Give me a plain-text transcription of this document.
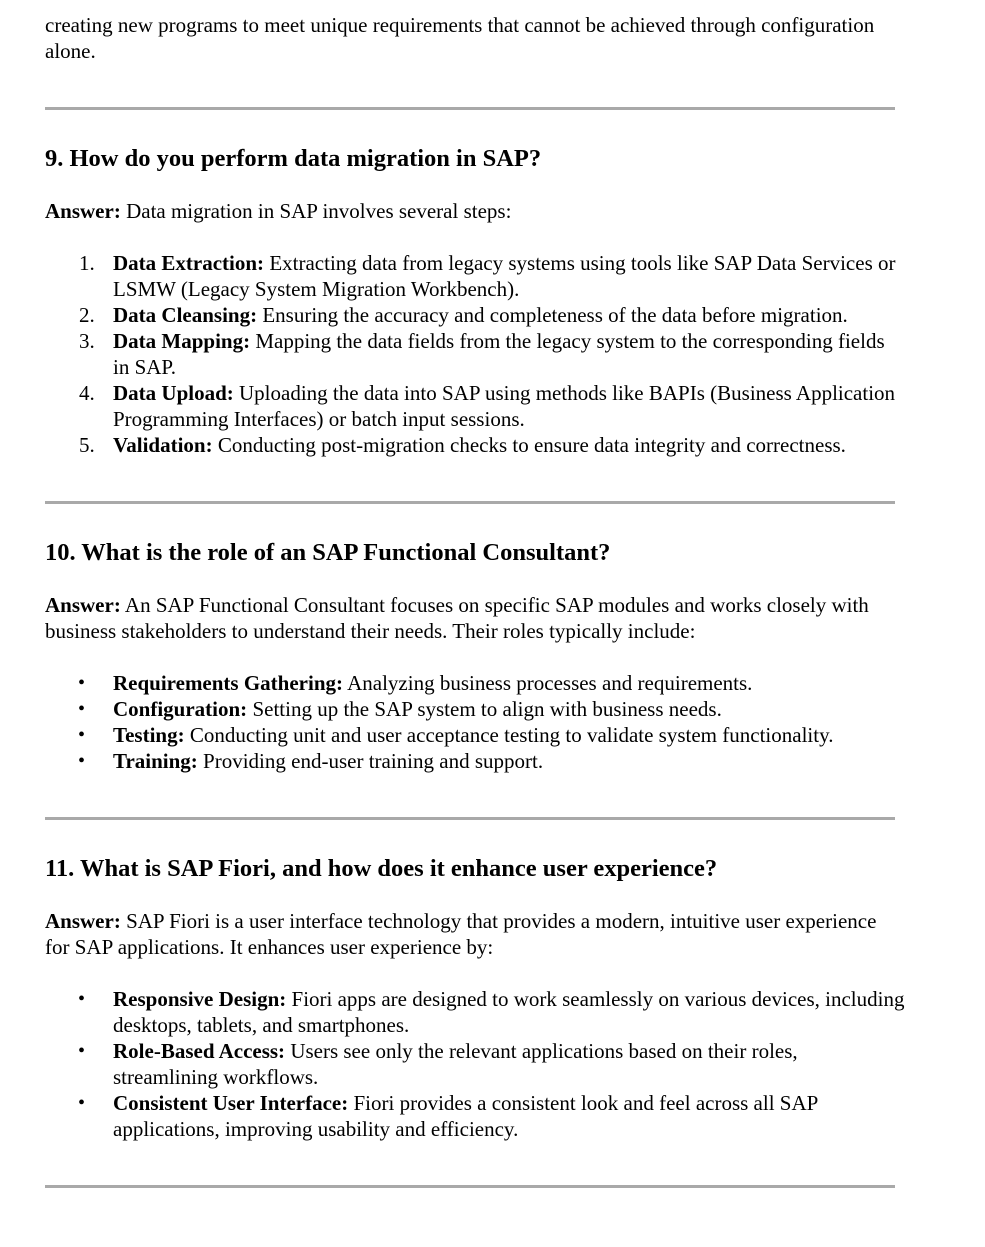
creating new programs to meet unique requirements that cannot be achieved through configuration alone.

9. How do you perform data migration in SAP?

Answer: Data migration in SAP involves several steps:

1. Data Extraction: Extracting data from legacy systems using tools like SAP Data Services or LSMW (Legacy System Migration Workbench).
2. Data Cleansing: Ensuring the accuracy and completeness of the data before migration.
3. Data Mapping: Mapping the data fields from the legacy system to the corresponding fields in SAP.
4. Data Upload: Uploading the data into SAP using methods like BAPIs (Business Application Programming Interfaces) or batch input sessions.
5. Validation: Conducting post-migration checks to ensure data integrity and correctness.
10. What is the role of an SAP Functional Consultant?

Answer: An SAP Functional Consultant focuses on specific SAP modules and works closely with business stakeholders to understand their needs. Their roles typically include:

• Requirements Gathering: Analyzing business processes and requirements.
• Configuration: Setting up the SAP system to align with business needs.
• Testing: Conducting unit and user acceptance testing to validate system functionality.
• Training: Providing end-user training and support.
11. What is SAP Fiori, and how does it enhance user experience?

Answer: SAP Fiori is a user interface technology that provides a modern, intuitive user experience for SAP applications. It enhances user experience by:

• Responsive Design: Fiori apps are designed to work seamlessly on various devices, including desktops, tablets, and smartphones.
• Role-Based Access: Users see only the relevant applications based on their roles, streamlining workflows.
• Consistent User Interface: Fiori provides a consistent look and feel across all SAP applications, improving usability and efficiency.
